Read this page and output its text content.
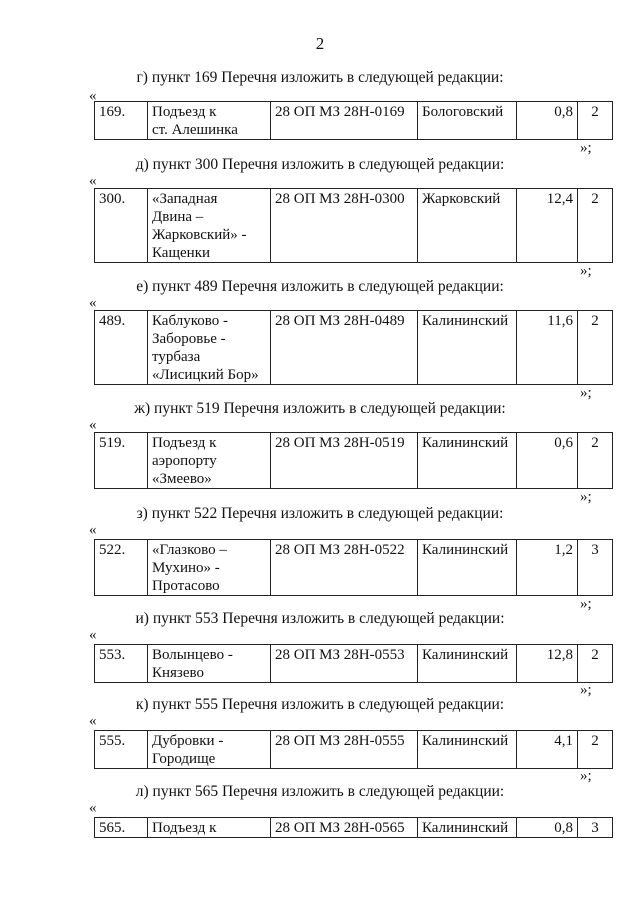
2
г) пункт 169 Перечня изложить в следующей редакции:
«
169.	Подъезд к
ст. Алешинка
	28 ОП МЗ 28Н-0169	Бологовский	0,8	2
»;
д) пункт 300 Перечня изложить в следующей редакции:
«
300.	«Западная
Двина –
Жарковский» -
Кащенки
	28 ОП МЗ 28Н-0300	Жарковский	12,4	2
»;
е) пункт 489 Перечня изложить в следующей редакции:
«
489.	Каблуково -
Заборовье -
турбаза
«Лисицкий Бор»
	28 ОП МЗ 28Н-0489	Калининский	11,6	2
»;
ж) пункт 519 Перечня изложить в следующей редакции:
«
519.	Подъезд к
аэропорту
«Змеево»
	28 ОП МЗ 28Н-0519	Калининский	0,6	2
»;
з) пункт 522 Перечня изложить в следующей редакции:
«
522.	«Глазково –
Мухино» -
Протасово
	28 ОП МЗ 28Н-0522	Калининский	1,2	3
»;
и) пункт 553 Перечня изложить в следующей редакции:
«
553.	Волынцево -
Князево
	28 ОП МЗ 28Н-0553	Калининский	12,8	2
»;
к) пункт 555 Перечня изложить в следующей редакции:
«
555.	Дубровки -
Городище
	28 ОП МЗ 28Н-0555	Калининский	4,1	2
»;
л) пункт 565 Перечня изложить в следующей редакции:
«
565.	Подъезд к	28 ОП МЗ 28Н-0565	Калининский	0,8	3
